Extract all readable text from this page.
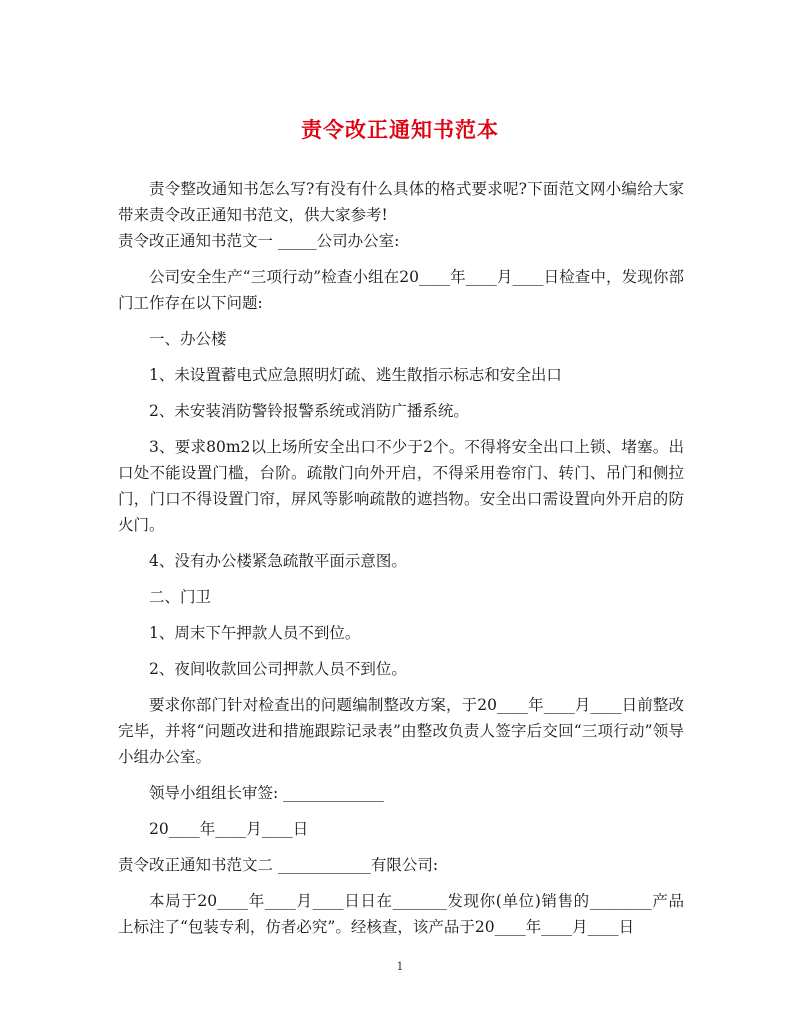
责令改正通知书范本

责令整改通知书怎么写?有没有什么具体的格式要求呢?下面范文网小编给大家带来责令改正通知书范文，供大家参考!

责令改正通知书范文一 _____公司办公室:

公司安全生产“三项行动”检查小组在20____年____月____日检查中，发现你部门工作存在以下问题:

一、办公楼

1、未设置蓄电式应急照明灯疏、逃生散指示标志和安全出口

2、未安装消防警铃报警系统或消防广播系统。

3、要求80m2以上场所安全出口不少于2个。不得将安全出口上锁、堵塞。出口处不能设置门槛，台阶。疏散门向外开启，不得采用卷帘门、转门、吊门和侧拉门，门口不得设置门帘，屏风等影响疏散的遮挡物。安全出口需设置向外开启的防火门。

4、没有办公楼紧急疏散平面示意图。

二、门卫

1、周末下午押款人员不到位。

2、夜间收款回公司押款人员不到位。

要求你部门针对检查出的问题编制整改方案，于20____年____月____日前整改完毕，并将“问题改进和措施跟踪记录表”由整改负责人签字后交回“三项行动”领导小组办公室。

领导小组组长审签: _____________

20____年____月____日

责令改正通知书范文二 ____________有限公司:

本局于20____年____月____日日在_______发现你(单位)销售的________产品上标注了“包装专利，仿者必究”。经核查，该产品于20____年____月____日

1
